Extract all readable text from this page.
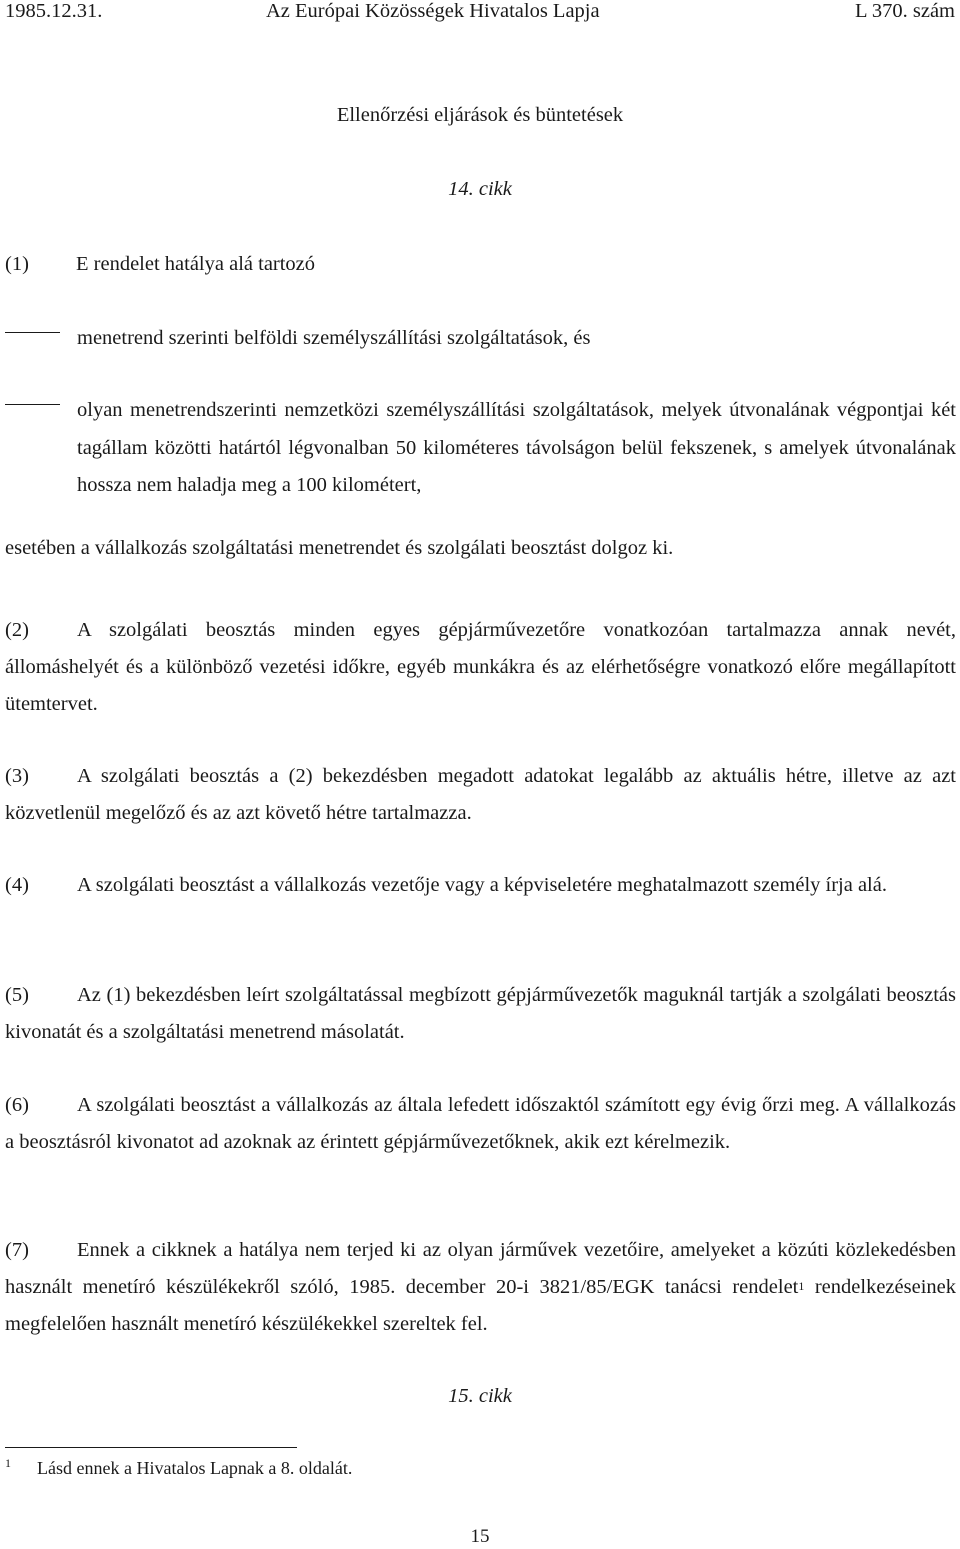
1985.12.31.	Az Európai Közösségek Hivatalos Lapja	L 370. szám
Ellenőrzési eljárások és büntetések
14. cikk
(1) E rendelet hatálya alá tartozó
menetrend szerinti belföldi személyszállítási szolgáltatások, és
olyan menetrendszerinti nemzetközi személyszállítási szolgáltatások, melyek útvonalának végpontjai két tagállam közötti határtól légvonalban 50 kilométeres távolságon belül fekszenek, s amelyek útvonalának hossza nem haladja meg a 100 kilométert,
esetében a vállalkozás szolgáltatási menetrendet és szolgálati beosztást dolgoz ki.
(2) A szolgálati beosztás minden egyes gépjárművezetőre vonatkozóan tartalmazza annak nevét, állomáshelyét és a különböző vezetési időkre, egyéb munkákra és az elérhetőségre vonatkozó előre megállapított ütemtervet.
(3) A szolgálati beosztás a (2) bekezdésben megadott adatokat legalább az aktuális hétre, illetve az azt közvetlenül megelőző és az azt követő hétre tartalmazza.
(4) A szolgálati beosztást a vállalkozás vezetője vagy a képviseletére meghatalmazott személy írja alá.
(5) Az (1) bekezdésben leírt szolgáltatással megbízott gépjárművezetők maguknál tartják a szolgálati beosztás kivonatát és a szolgáltatási menetrend másolatát.
(6) A szolgálati beosztást a vállalkozás az általa lefedett időszaktól számított egy évig őrzi meg. A vállalkozás a beosztásról kivonatot ad azoknak az érintett gépjárművezetőknek, akik ezt kérelmezik.
(7) Ennek a cikknek a hatálya nem terjed ki az olyan járművek vezetőire, amelyeket a közúti közlekedésben használt menetíró készülékekről szóló, 1985. december 20-i 3821/85/EGK tanácsi rendelet$^1$ rendelkezéseinek megfelelően használt menetíró készülékekkel szereltek fel.
15. cikk
$^1$ Lásd ennek a Hivatalos Lapnak a 8. oldalát.
15
